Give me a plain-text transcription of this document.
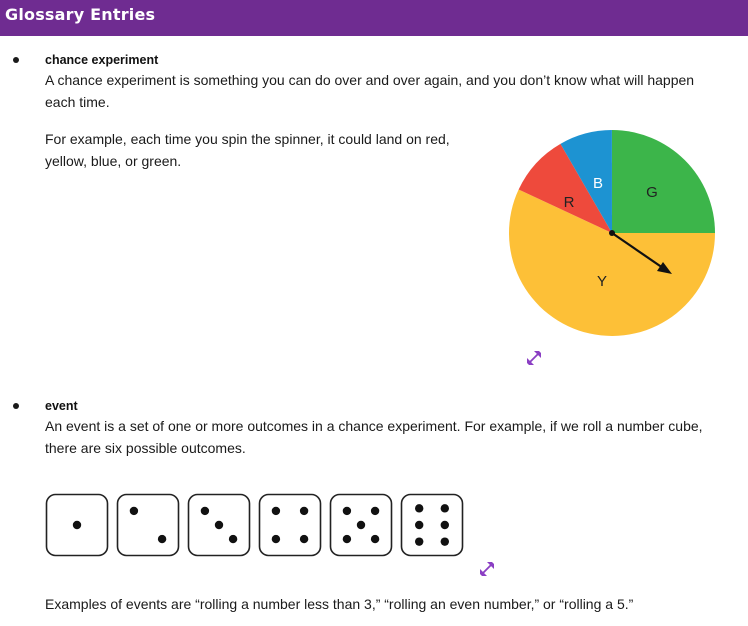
Glossary Entries
chance experiment

A chance experiment is something you can do over and over again, and you don’t know what will happen each time.

For example, each time you spin the spinner, it could land on red, yellow, blue, or green.

G
Y
R
B
event

An event is a set of one or more outcomes in a chance experiment. For example, if we roll a number cube, there are six possible outcomes.

Examples of events are “rolling a number less than 3,” “rolling an even number,” or “rolling a 5.”
